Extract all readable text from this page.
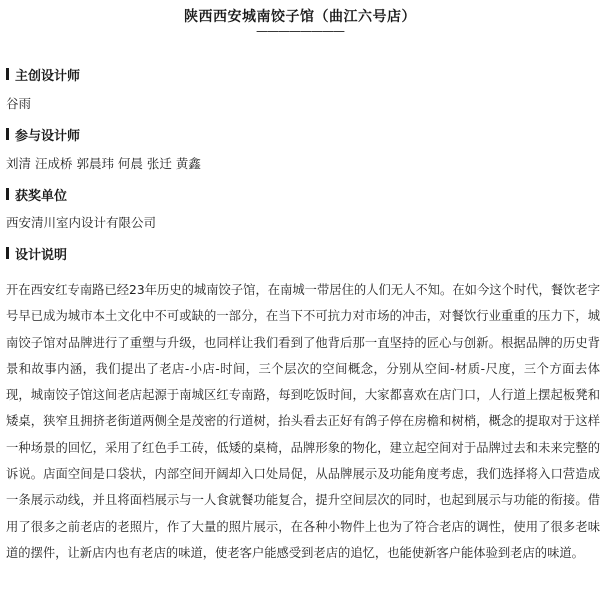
陕西西安城南饺子馆（曲江六号店）
————————
主创设计师
谷雨
参与设计师
刘清 汪成桥 郭晨玮 何晨 张迁 黄鑫
获奖单位
西安清川室内设计有限公司
设计说明
开在西安红专南路已经23年历史的城南饺子馆，在南城一带居住的人们无人不知。在如今这个时代，餐饮老字号早已成为城市本土文化中不可或缺的一部分，在当下不可抗力对市场的冲击，对餐饮行业重重的压力下，城南饺子馆对品牌进行了重塑与升级，也同样让我们看到了他背后那一直坚持的匠心与创新。根据品牌的历史背景和故事内涵，我们提出了老店-小店-时间，三个层次的空间概念，分别从空间-材质-尺度，三个方面去体现，城南饺子馆这间老店起源于南城区红专南路，每到吃饭时间，大家都喜欢在店门口，人行道上摆起板凳和矮桌，狭窄且拥挤老街道两侧全是茂密的行道树，抬头看去正好有鸽子停在房檐和树梢，概念的提取对于这样一种场景的回忆，采用了红色手工砖，低矮的桌椅，品牌形象的物化，建立起空间对于品牌过去和未来完整的诉说。店面空间是口袋状，内部空间开阔却入口处局促，从品牌展示及功能角度考虑，我们选择将入口营造成一条展示动线，并且将面档展示与一人食就餐功能复合，提升空间层次的同时，也起到展示与功能的衔接。借用了很多之前老店的老照片，作了大量的照片展示，在各种小物件上也为了符合老店的调性，使用了很多老味道的摆件，让新店内也有老店的味道，使老客户能感受到老店的追忆，也能使新客户能体验到老店的味道。
